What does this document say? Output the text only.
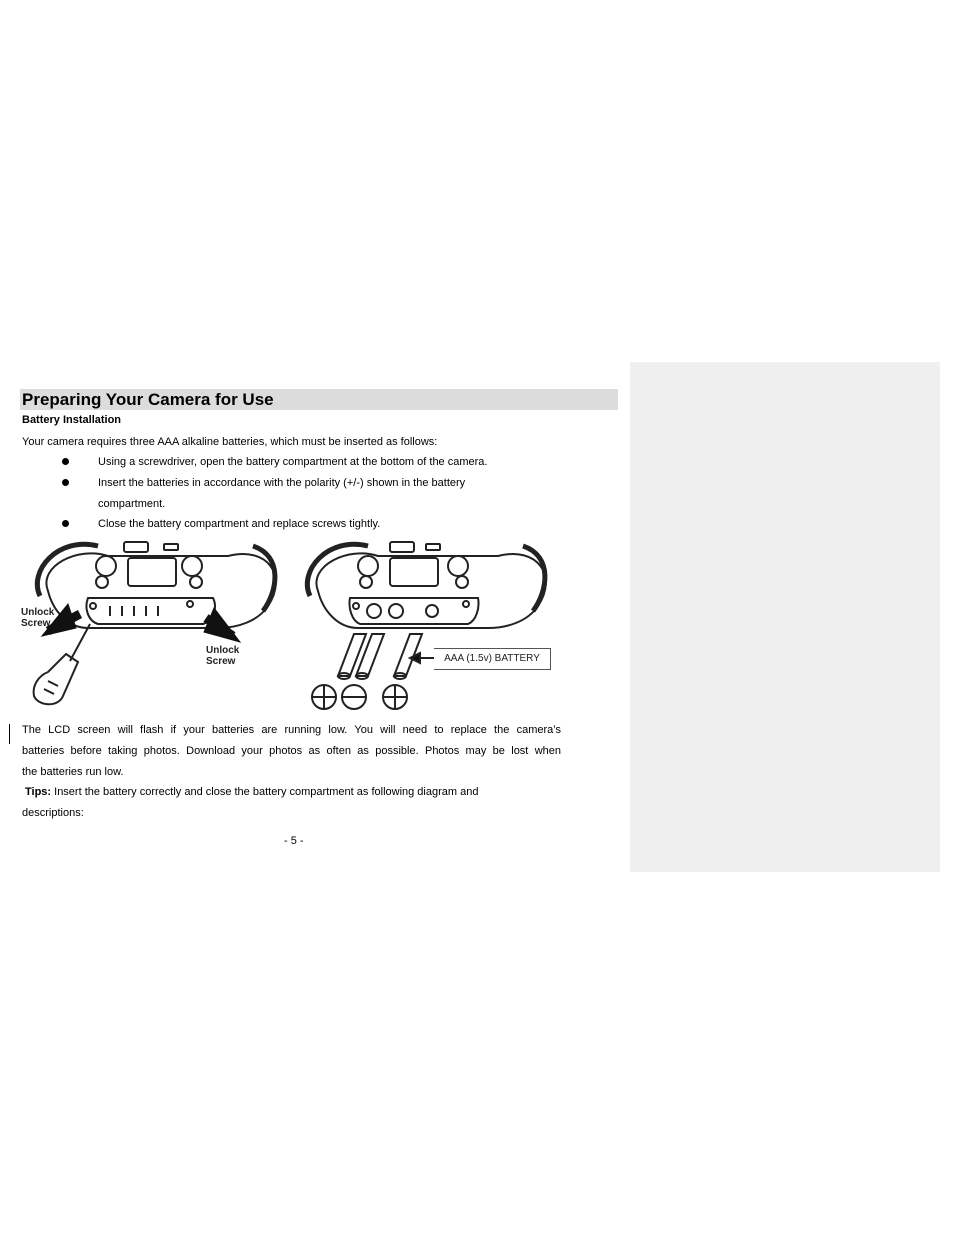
Preparing Your Camera for Use
Battery Installation
Your camera requires three AAA alkaline batteries, which must be inserted as follows:
Using a screwdriver, open the battery compartment at the bottom of the camera.
Insert the batteries in accordance with the polarity (+/-) shown in the battery
compartment.
Close the battery compartment and replace screws tightly.
Unlock
Screw
Unlock
Screw	AAA (1.5v) BATTERY
The LCD screen will flash if your batteries are running low. You will need to replace the camera’s
batteries before taking photos. Download your photos as often as possible. Photos may be lost when
the batteries run low.
Tips: Insert the battery correctly and close the battery compartment as following diagram and
descriptions:
- 5 -
